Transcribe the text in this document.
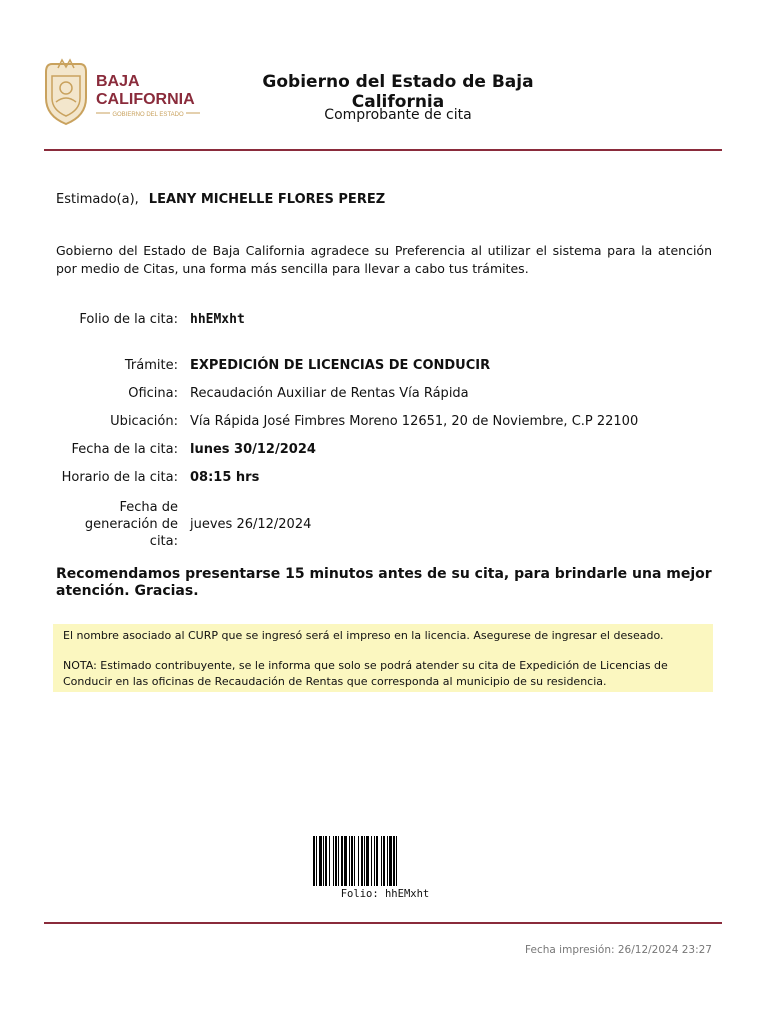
BAJA
CALIFORNIA
GOBIERNO DEL ESTADO
Gobierno del Estado de Baja California
Comprobante de cita
Estimado(a), LEANY MICHELLE FLORES PEREZ
Gobierno del Estado de Baja California agradece su Preferencia al utilizar el sistema para la atención por medio de Citas, una forma más sencilla para llevar a cabo tus trámites.
Folio de la cita: hhEMxht
Trámite: EXPEDICIÓN DE LICENCIAS DE CONDUCIR
Oficina: Recaudación Auxiliar de Rentas Vía Rápida
Ubicación: Vía Rápida José Fimbres Moreno 12651, 20 de Noviembre, C.P 22100
Fecha de la cita: lunes 30/12/2024
Horario de la cita: 08:15 hrs
Fecha de
generación de cita:
jueves 26/12/2024
Recomendamos presentarse 15 minutos antes de su cita, para brindarle una mejor atención. Gracias.

El nombre asociado al CURP que se ingresó será el impreso en la licencia. Asegurese de ingresar el deseado.

NOTA: Estimado contribuyente, se le informa que solo se podrá atender su cita de Expedición de Licencias de Conducir en las oficinas de Recaudación de Rentas que corresponda al municipio de su residencia.

Folio: hhEMxht
Fecha impresión: 26/12/2024 23:27
